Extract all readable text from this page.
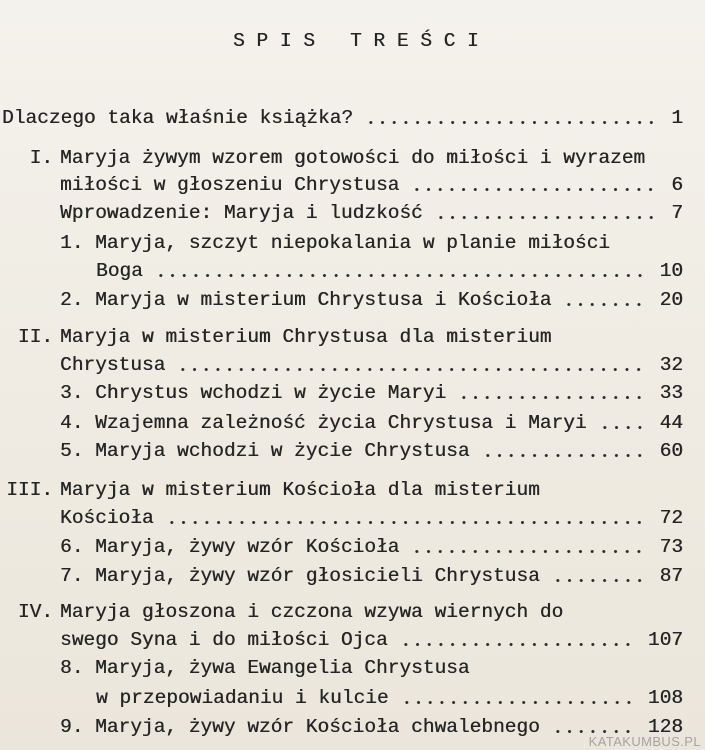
SPIS TREŚCI
Dlaczego taka właśnie książka?	1
I. Maryja żywym wzorem gotowości do miłości i wyrazem
miłości w głoszeniu Chrystusa	6
Wprowadzenie: Maryja i ludzkość	7
1. Maryja, szczyt niepokalania w planie miłości
Boga	10
2. Maryja w misterium Chrystusa i Kościoła	20
II. Maryja w misterium Chrystusa dla misterium
Chrystusa	32
3. Chrystus wchodzi w życie Maryi	33
4. Wzajemna zależność życia Chrystusa i Maryi	44
5. Maryja wchodzi w życie Chrystusa	60
III. Maryja w misterium Kościoła dla misterium
Kościoła	72
6. Maryja, żywy wzór Kościoła	73
7. Maryja, żywy wzór głosicieli Chrystusa	87
IV. Maryja głoszona i czczona wzywa wiernych do
swego Syna i do miłości Ojca	107
8. Maryja, żywa Ewangelia Chrystusa
w przepowiadaniu i kulcie	108
9. Maryja, żywy wzór Kościoła chwalebnego	128
KATAKUMBUS.PL
